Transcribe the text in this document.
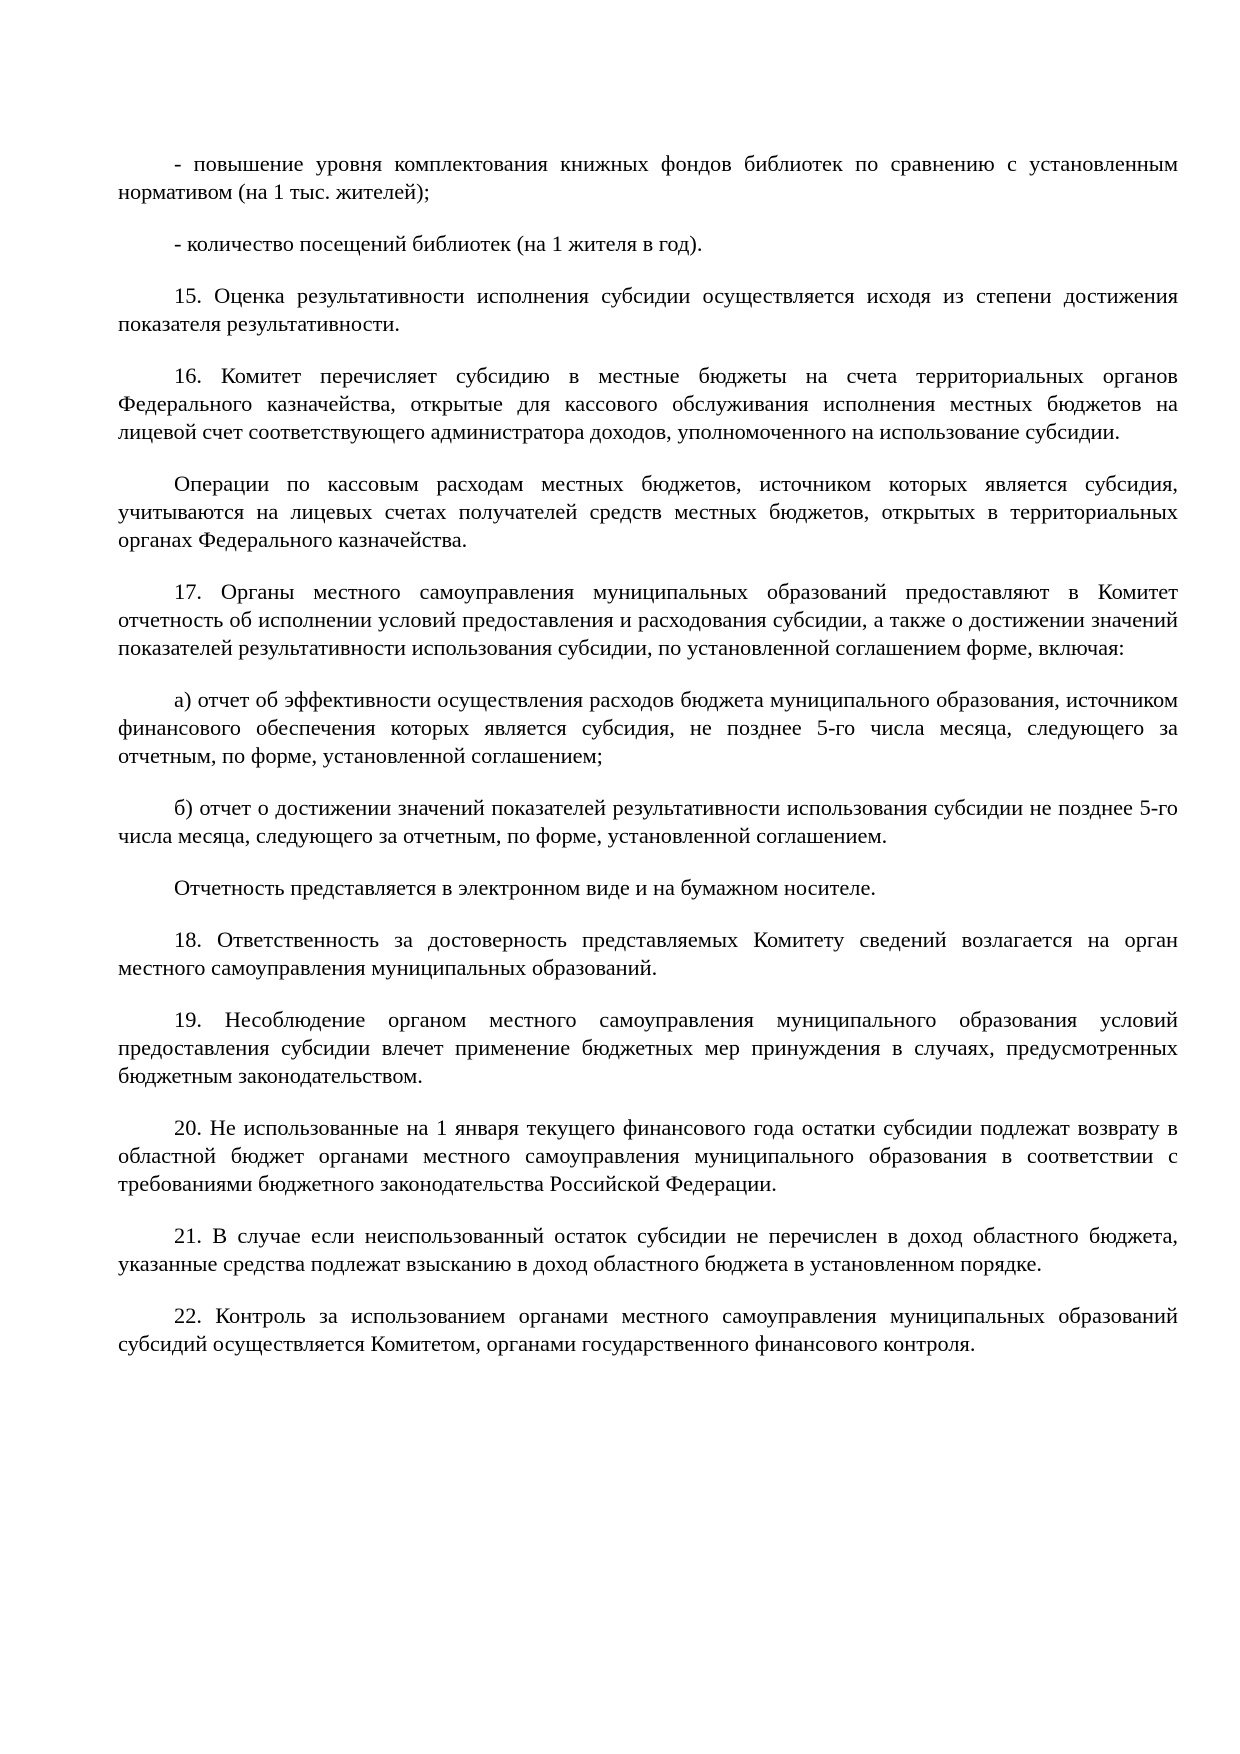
- повышение уровня комплектования книжных фондов библиотек по сравнению с установленным нормативом (на 1 тыс. жителей);

- количество посещений библиотек (на 1 жителя в год).

15. Оценка результативности исполнения субсидии осуществляется исходя из степени достижения показателя результативности.

16. Комитет перечисляет субсидию в местные бюджеты на счета территориальных органов Федерального казначейства, открытые для кассового обслуживания исполнения местных бюджетов на лицевой счет соответствующего администратора доходов, уполномоченного на использование субсидии.

Операции по кассовым расходам местных бюджетов, источником которых является субсидия, учитываются на лицевых счетах получателей средств местных бюджетов, открытых в территориальных органах Федерального казначейства.

17. Органы местного самоуправления муниципальных образований предоставляют в Комитет отчетность об исполнении условий предоставления и расходования субсидии, а также о достижении значений показателей результативности использования субсидии, по установленной соглашением форме, включая:

а) отчет об эффективности осуществления расходов бюджета муниципального образования, источником финансового обеспечения которых является субсидия, не позднее 5-го числа месяца, следующего за отчетным, по форме, установленной соглашением;

б) отчет о достижении значений показателей результативности использования субсидии не позднее 5-го числа месяца, следующего за отчетным, по форме, установленной соглашением.

Отчетность представляется в электронном виде и на бумажном носителе.

18. Ответственность за достоверность представляемых Комитету сведений возлагается на орган местного самоуправления муниципальных образований.

19. Несоблюдение органом местного самоуправления муниципального образования условий предоставления субсидии влечет применение бюджетных мер принуждения в случаях, предусмотренных бюджетным законодательством.

20. Не использованные на 1 января текущего финансового года остатки субсидии подлежат возврату в областной бюджет органами местного самоуправления муниципального образования в соответствии с требованиями бюджетного законодательства Российской Федерации.

21. В случае если неиспользованный остаток субсидии не перечислен в доход областного бюджета, указанные средства подлежат взысканию в доход областного бюджета в установленном порядке.

22. Контроль за использованием органами местного самоуправления муниципальных образований субсидий осуществляется Комитетом, органами государственного финансового контроля.
